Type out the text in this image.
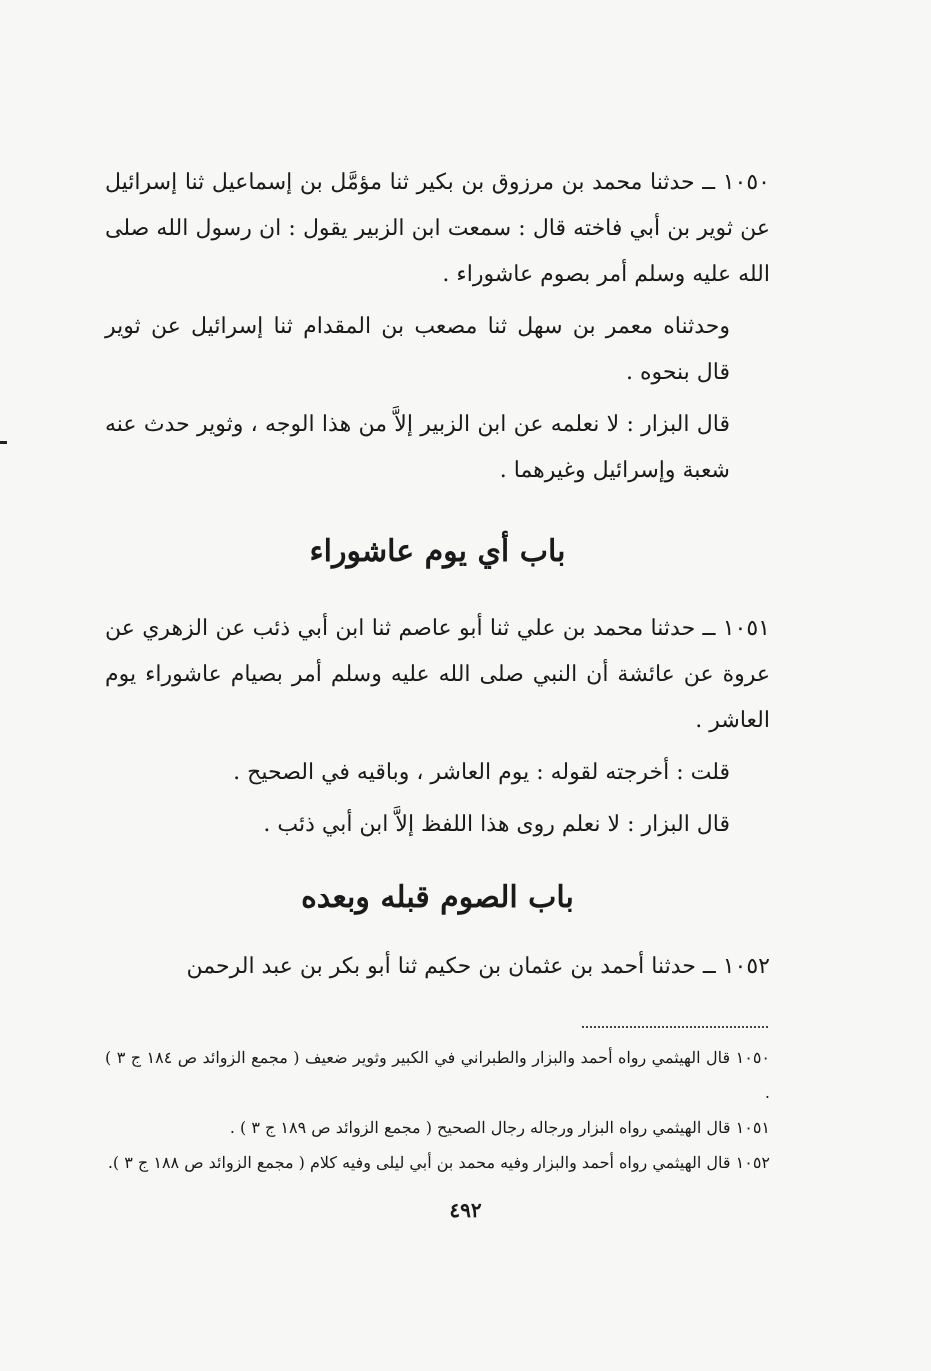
١٠٥٠ ــ حدثنا محمد بن مرزوق بن بكير ثنا مؤمَّل بن إسماعيل ثنا إسرائيل عن ثوير بن أبي فاخته قال : سمعت ابن الزبير يقول : ان رسول الله صلى الله عليه وسلم أمر بصوم عاشوراء .

وحدثناه معمر بن سهل ثنا مصعب بن المقدام ثنا إسرائيل عن ثوير قال بنحوه .

قال البزار : لا نعلمه عن ابن الزبير إلاَّ من هذا الوجه ، وثوير حدث عنه شعبة وإسرائيل وغيرهما .

باب أي يوم عاشوراء

١٠٥١ ــ حدثنا محمد بن علي ثنا أبو عاصم ثنا ابن أبي ذئب عن الزهري عن عروة عن عائشة أن النبي صلى الله عليه وسلم أمر بصيام عاشوراء يوم العاشر .

قلت : أخرجته لقوله : يوم العاشر ، وباقيه في الصحيح .

قال البزار : لا نعلم روى هذا اللفظ إلاَّ ابن أبي ذئب .

باب الصوم قبله وبعده

١٠٥٢ ــ حدثنا أحمد بن عثمان بن حكيم ثنا أبو بكر بن عبد الرحمن

١٠٥٠ قال الهيثمي رواه أحمد والبزار والطبراني في الكبير وثوير ضعيف ( مجمع الزوائد ص ١٨٤ ج ٣ ) .

١٠٥١ قال الهيثمي رواه البزار ورجاله رجال الصحيح ( مجمع الزوائد ص ١٨٩ ج ٣ ) .

١٠٥٢ قال الهيثمي رواه أحمد والبزار وفيه محمد بن أبي ليلى وفيه كلام ( مجمع الزوائد ص ١٨٨ ج ٣ ).

٤٩٢
